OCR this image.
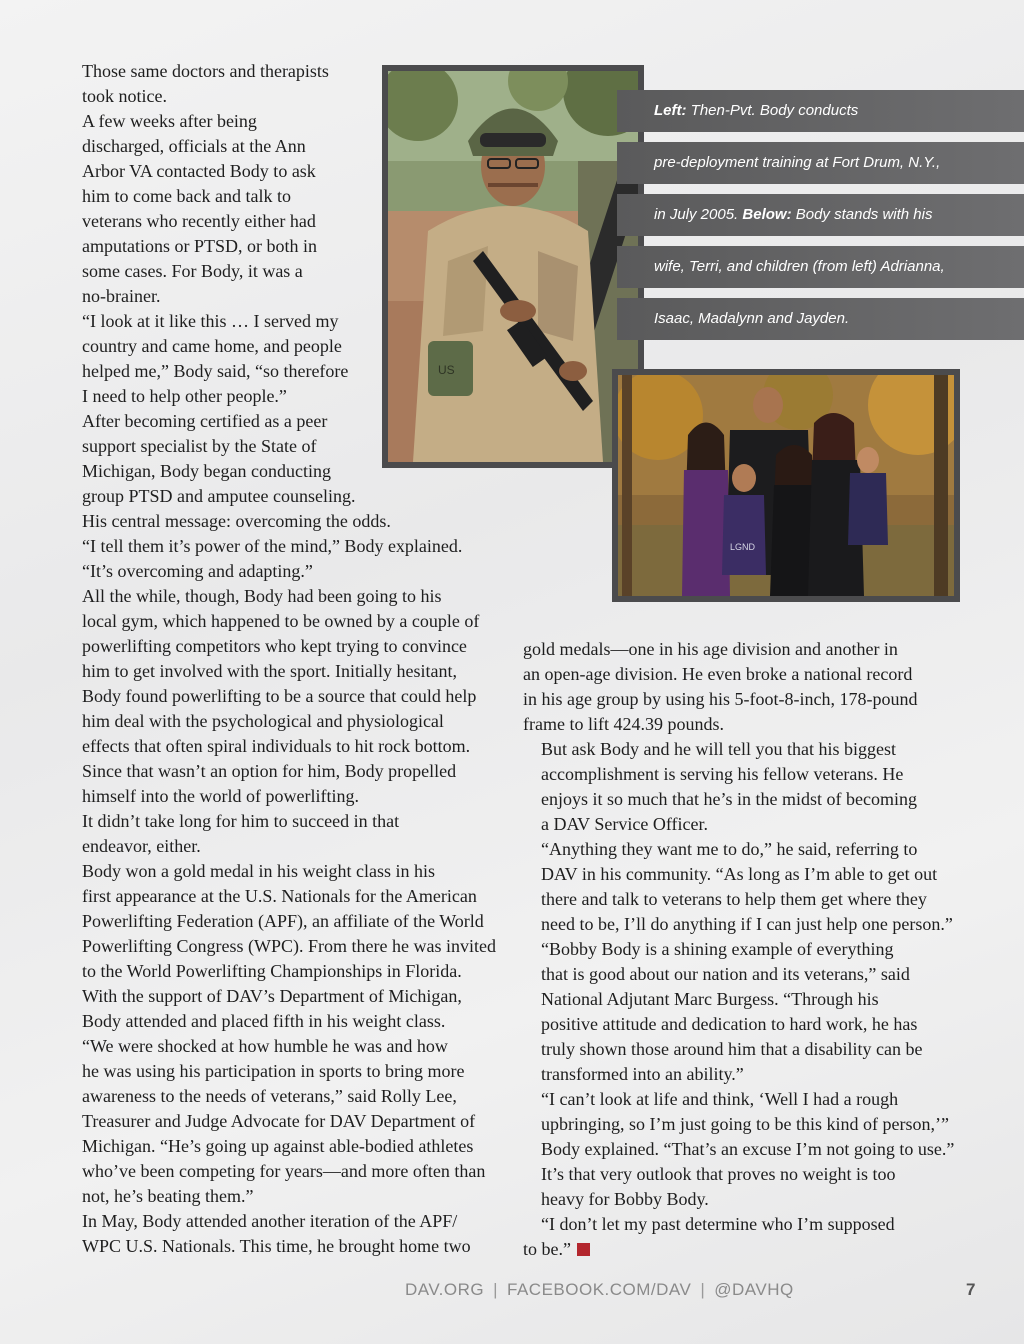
Those same doctors and therapists
took notice.

A few weeks after being
discharged, officials at the Ann
Arbor VA contacted Body to ask
him to come back and talk to
veterans who recently either had
amputations or PTSD, or both in
some cases. For Body, it was a
no-brainer.

“I look at it like this … I served my
country and came home, and people
helped me,” Body said, “so therefore
I need to help other people.”

After becoming certified as a peer
support specialist by the State of
Michigan, Body began conducting
group PTSD and amputee counseling.
His central message: overcoming the odds.

“I tell them it’s power of the mind,” Body explained.
“It’s overcoming and adapting.”

All the while, though, Body had been going to his
local gym, which happened to be owned by a couple of
powerlifting competitors who kept trying to convince
him to get involved with the sport. Initially hesitant,
Body found powerlifting to be a source that could help
him deal with the psychological and physiological
effects that often spiral individuals to hit rock bottom.
Since that wasn’t an option for him, Body propelled
himself into the world of powerlifting.

It didn’t take long for him to succeed in that
endeavor, either.

Body won a gold medal in his weight class in his
first appearance at the U.S. Nationals for the American
Powerlifting Federation (APF), an affiliate of the World
Powerlifting Congress (WPC). From there he was invited
to the World Powerlifting Championships in Florida.
With the support of DAV’s Department of Michigan,
Body attended and placed fifth in his weight class.

“We were shocked at how humble he was and how
he was using his participation in sports to bring more
awareness to the needs of veterans,” said Rolly Lee,
Treasurer and Judge Advocate for DAV Department of
Michigan. “He’s going up against able-bodied athletes
who’ve been competing for years—and more often than
not, he’s beating them.”

In May, Body attended another iteration of the APF/
WPC U.S. Nationals. This time, he brought home two

gold medals—one in his age division and another in
an open-age division. He even broke a national record
in his age group by using his 5-foot-8-inch, 178-pound
frame to lift 424.39 pounds.

But ask Body and he will tell you that his biggest
accomplishment is serving his fellow veterans. He
enjoys it so much that he’s in the midst of becoming
a DAV Service Officer.

“Anything they want me to do,” he said, referring to
DAV in his community. “As long as I’m able to get out
there and talk to veterans to help them get where they
need to be, I’ll do anything if I can just help one person.”

“Bobby Body is a shining example of everything
that is good about our nation and its veterans,” said
National Adjutant Marc Burgess. “Through his
positive attitude and dedication to hard work, he has
truly shown those around him that a disability can be
transformed into an ability.”

“I can’t look at life and think, ‘Well I had a rough
upbringing, so I’m just going to be this kind of person,’”
Body explained. “That’s an excuse I’m not going to use.”

It’s that very outlook that proves no weight is too
heavy for Bobby Body.

“I don’t let my past determine who I’m supposed
to be.”

US
LGND
Left: Then-Pvt. Body conducts
pre-deployment training at Fort Drum, N.Y.,
in July 2005. Below: Body stands with his
wife, Terri, and children (from left) Adrianna,
Isaac, Madalynn and Jayden.
DAV.ORG | FACEBOOK.COM/DAV | @DAVHQ	7
